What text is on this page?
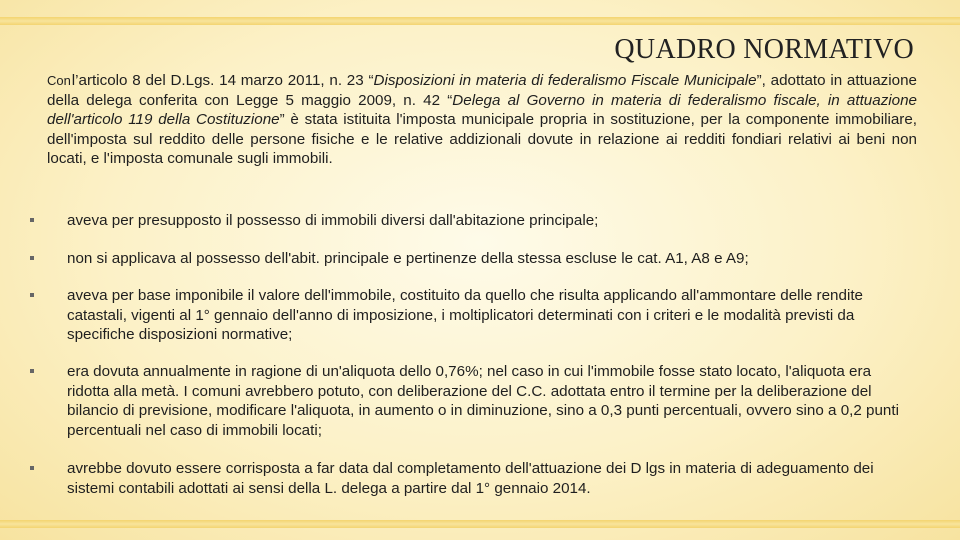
QUADRO NORMATIVO

Con l’articolo 8 del D.Lgs. 14 marzo 2011, n. 23 “Disposizioni in materia di federalismo Fiscale Municipale”, adottato in attuazione della delega conferita con Legge 5 maggio 2009, n. 42 “Delega al Governo in materia di federalismo fiscale, in attuazione dell'articolo 119 della Costituzione” è stata istituita l'imposta municipale propria in sostituzione, per la componente immobiliare, dell'imposta sul reddito delle persone fisiche e le relative addizionali dovute in relazione ai redditi fondiari relativi ai beni non locati, e l'imposta comunale sugli immobili.

aveva per presupposto il possesso di immobili diversi dall'abitazione principale;
non si applicava al possesso dell'abit. principale e pertinenze della stessa escluse le cat. A1, A8 e A9;
aveva per base imponibile il valore dell'immobile, costituito da quello che risulta applicando all'ammontare delle rendite catastali, vigenti al 1° gennaio dell'anno di imposizione, i moltiplicatori determinati con i criteri e le modalità previsti da specifiche disposizioni normative;
era dovuta annualmente in ragione di un'aliquota dello 0,76%; nel caso in cui l'immobile fosse stato locato, l'aliquota era ridotta alla metà. I comuni avrebbero potuto, con deliberazione del C.C. adottata entro il termine per la deliberazione del bilancio di previsione, modificare l'aliquota, in aumento o in diminuzione, sino a 0,3 punti percentuali, ovvero sino a 0,2 punti percentuali nel caso di immobili locati;
avrebbe dovuto essere corrisposta a far data dal completamento dell'attuazione dei D lgs in materia di adeguamento dei sistemi contabili adottati ai sensi della L. delega a partire dal 1° gennaio 2014.
